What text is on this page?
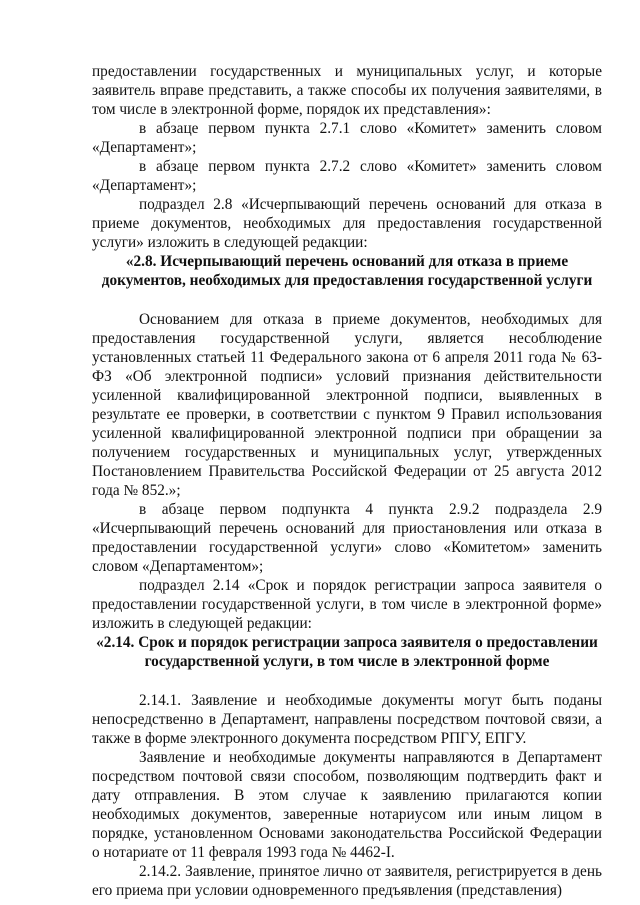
предоставлении государственных и муниципальных услуг, и которые заявитель вправе представить, а также способы их получения заявителями, в том числе в электронной форме, порядок их представления»:

в абзаце первом пункта 2.7.1 слово «Комитет» заменить словом «Департамент»;

в абзаце первом пункта 2.7.2 слово «Комитет» заменить словом «Департамент»;

подраздел 2.8 «Исчерпывающий перечень оснований для отказа в приеме документов, необходимых для предоставления государственной услуги» изложить в следующей редакции:

«2.8. Исчерпывающий перечень оснований для отказа в приеме документов, необходимых для предоставления государственной услуги

Основанием для отказа в приеме документов, необходимых для предоставления государственной услуги, является несоблюдение установленных статьей 11 Федерального закона от 6 апреля 2011 года № 63-ФЗ «Об электронной подписи» условий признания действительности усиленной квалифицированной электронной подписи, выявленных в результате ее проверки, в соответствии с пунктом 9 Правил использования усиленной квалифицированной электронной подписи при обращении за получением государственных и муниципальных услуг, утвержденных Постановлением Правительства Российской Федерации от 25 августа 2012 года № 852.»;

в абзаце первом подпункта 4 пункта 2.9.2 подраздела 2.9 «Исчерпывающий перечень оснований для приостановления или отказа в предоставлении государственной услуги» слово «Комитетом» заменить словом «Департаментом»;

подраздел 2.14 «Срок и порядок регистрации запроса заявителя о предоставлении государственной услуги, в том числе в электронной форме» изложить в следующей редакции:

«2.14. Срок и порядок регистрации запроса заявителя о предоставлении государственной услуги, в том числе в электронной форме

2.14.1. Заявление и необходимые документы могут быть поданы непосредственно в Департамент, направлены посредством почтовой связи, а также в форме электронного документа посредством РПГУ, ЕПГУ.

Заявление и необходимые документы направляются в Департамент посредством почтовой связи способом, позволяющим подтвердить факт и дату отправления. В этом случае к заявлению прилагаются копии необходимых документов, заверенные нотариусом или иным лицом в порядке, установленном Основами законодательства Российской Федерации о нотариате от 11 февраля 1993 года № 4462-I.

2.14.2. Заявление, принятое лично от заявителя, регистрируется в день его приема при условии одновременного предъявления (представления)
